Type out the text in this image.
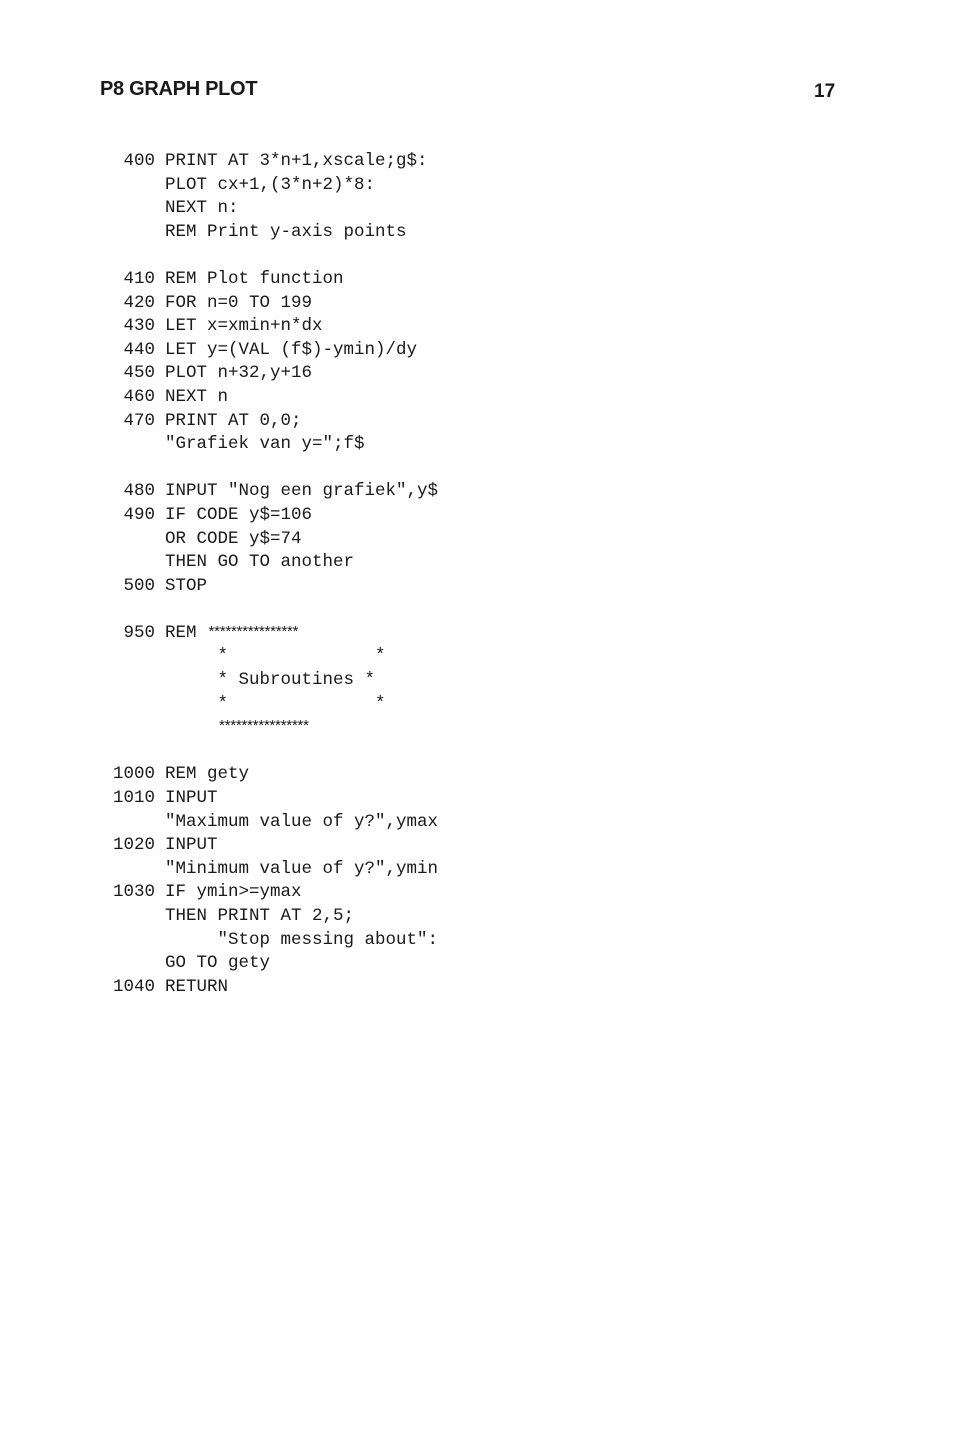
P8 GRAPH PLOT	17
400 PRINT AT 3*n+1,xscale;g$:
PLOT cx+1,(3*n+2)*8:
NEXT n:
REM Print y-axis points
410 REM Plot function
420 FOR n=0 TO 199
430 LET x=xmin+n*dx
440 LET y=(VAL (f$)-ymin)/dy
450 PLOT n+32,y+16
460 NEXT n
470 PRINT AT 0,0;
"Grafiek van y=";f$
480 INPUT "Nog een grafiek",y$
490 IF CODE y$=106
OR CODE y$=74
THEN GO TO another
500 STOP
950 REM ****************
*              *
* Subroutines *
*              *
****************
1000 REM gety
1010 INPUT
"Maximum value of y?",ymax
1020 INPUT
"Minimum value of y?",ymin
1030 IF ymin>=ymax
THEN PRINT AT 2,5;
"Stop messing about":
GO TO gety
1040 RETURN
